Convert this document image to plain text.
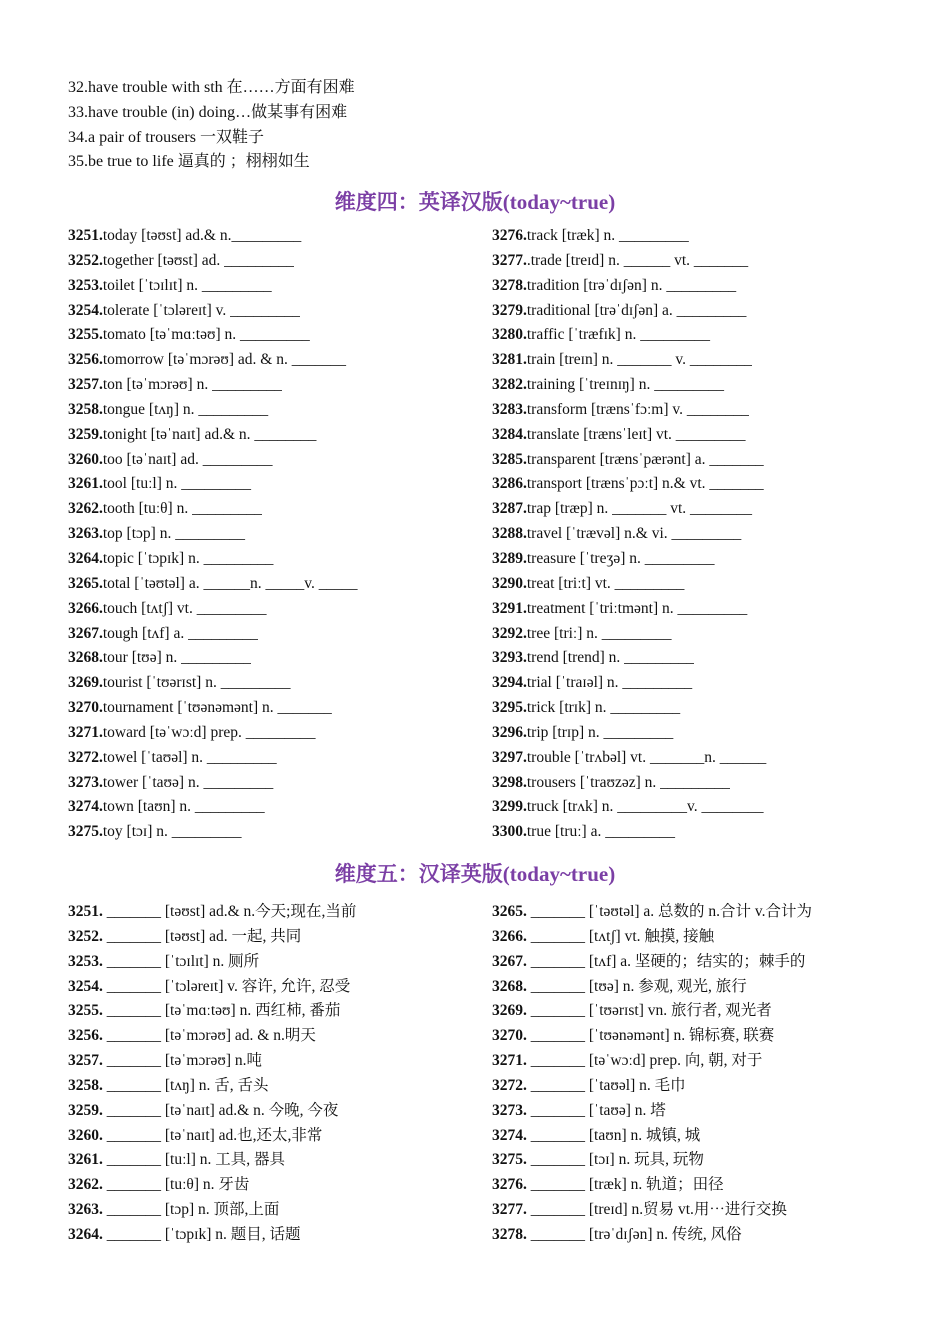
32.have trouble with sth 在……方面有困难
33.have trouble (in) doing…做某事有困难
34.a pair of trousers 一双鞋子
35.be true to life 逼真的 ；栩栩如生
维度四：英译汉版(today~true)
3251.today [təʊst] ad.& n._________
3252.together [təʊst] ad. _________
3253.toilet [ˈtɔɪlɪt] n. _________
3254.tolerate [ˈtɔləreɪt] v. _________
3255.tomato [təˈmɑːtəʊ] n. _________
3256.tomorrow [təˈmɔrəʊ] ad. & n. _______
3257.ton [təˈmɔrəʊ] n. _________
3258.tongue [tʌŋ] n. _________
3259.tonight [təˈnaɪt] ad.& n. ________
3260.too [təˈnaɪt] ad. _________
3261.tool [tuːl] n. _________
3262.tooth [tuːθ] n. _________
3263.top [tɔp] n. _________
3264.topic [ˈtɔpɪk] n. _________
3265.total [ˈtəʊtəl] a. ______n. _____v. _____
3266.touch [tʌtʃ] vt. _________
3267.tough [tʌf] a. _________
3268.tour [tʊə] n. _________
3269.tourist [ˈtʊərɪst] n. _________
3270.tournament [ˈtʊənəmənt] n. _______
3271.toward [təˈwɔːd] prep. _________
3272.towel [ˈtaʊəl] n. _________
3273.tower [ˈtaʊə] n. _________
3274.town [taʊn] n. _________
3275.toy [tɔɪ] n. _________
3276.track [træk] n. _________
3277..trade [treɪd] n. ______ vt. _______
3278.tradition [trəˈdɪʃən] n. _________
3279.traditional [trəˈdɪʃən] a. _________
3280.traffic [ˈtræfɪk] n. _________
3281.train [treɪn] n. _______ v. ________
3282.training [ˈtreɪnɪŋ] n. _________
3283.transform [trænsˈfɔːm] v. ________
3284.translate [trænsˈleɪt] vt. _________
3285.transparent [trænsˈpærənt] a. _______
3286.transport [trænsˈpɔːt] n.& vt. _______
3287.trap [træp] n. _______ vt. ________
3288.travel [ˈtrævəl] n.& vi. _________
3289.treasure [ˈtreʒə] n. _________
3290.treat [triːt] vt. _________
3291.treatment [ˈtriːtmənt] n. _________
3292.tree [triː] n. _________
3293.trend [trend] n. _________
3294.trial [ˈtraɪəl] n. _________
3295.trick [trɪk] n. _________
3296.trip [trɪp] n. _________
3297.trouble [ˈtrʌbəl] vt. _______n. ______
3298.trousers [ˈtraʊzəz] n. _________
3299.truck [trʌk] n. _________v. ________
3300.true [truː] a. _________
维度五：汉译英版(today~true)
3251. _______ [təʊst] ad.& n.今天;现在,当前
3252. _______ [təʊst] ad. 一起, 共同
3253. _______ [ˈtɔɪlɪt] n. 厕所
3254. _______ [ˈtɔləreɪt] v. 容许, 允许, 忍受
3255. _______ [təˈmɑːtəʊ] n. 西红柿, 番茄
3256. _______ [təˈmɔrəʊ] ad. & n.明天
3257. _______ [təˈmɔrəʊ] n.吨
3258. _______ [tʌŋ] n. 舌, 舌头
3259. _______ [təˈnaɪt] ad.& n. 今晚, 今夜
3260. _______ [təˈnaɪt] ad.也,还太,非常
3261. _______ [tuːl] n. 工具, 器具
3262. _______ [tuːθ] n. 牙齿
3263. _______ [tɔp] n. 顶部,上面
3264. _______ [ˈtɔpɪk] n. 题目, 话题
3265. _______ [ˈtəʊtəl] a. 总数的 n.合计 v.合计为
3266. _______ [tʌtʃ] vt. 触摸, 接触
3267. _______ [tʌf] a. 坚硬的；结实的；棘手的
3268. _______ [tʊə] n. 参观, 观光, 旅行
3269. _______ [ˈtʊərɪst] vn. 旅行者, 观光者
3270. _______ [ˈtʊənəmənt] n. 锦标赛, 联赛
3271. _______ [təˈwɔːd] prep. 向, 朝, 对于
3272. _______ [ˈtaʊəl] n. 毛巾
3273. _______ [ˈtaʊə] n. 塔
3274. _______ [taʊn] n. 城镇, 城
3275. _______ [tɔɪ] n. 玩具, 玩物
3276. _______ [træk] n. 轨道；田径
3277. _______ [treɪd] n.贸易 vt.用⋯进行交换
3278. _______ [trəˈdɪʃən] n. 传统, 风俗
